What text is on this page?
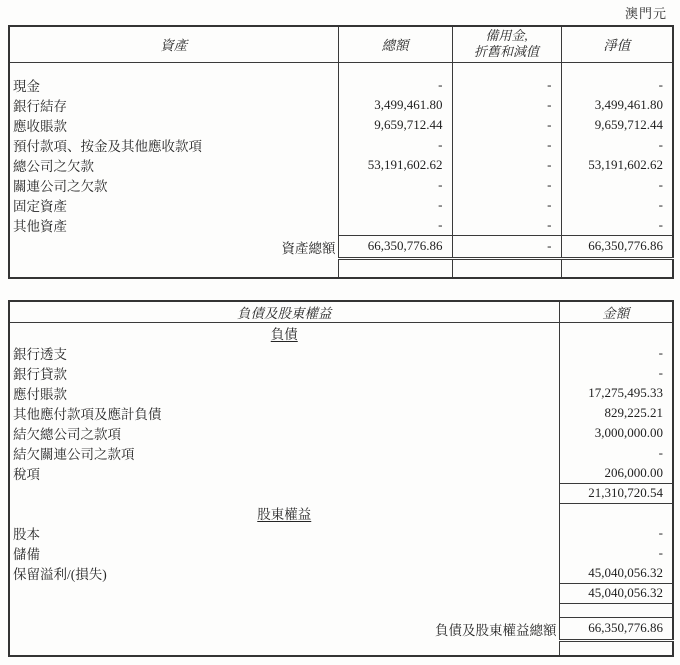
澳門元
資產	總額	備用金,
折舊和減值	淨值

現金	-	-	-
銀行結存	3,499,461.80	-	3,499,461.80
應收賬款	9,659,712.44	-	9,659,712.44
預付款項、按金及其他應收款項	-	-	-
總公司之欠款	53,191,602.62	-	53,191,602.62
關連公司之欠款	-	-	-
固定資產	-	-	-
其他資產	-	-	-
資產總額	66,350,776.86	-	66,350,776.86

負債及股東權益	金額
負債	
銀行透支	-
銀行貸款	-
應付賬款	17,275,495.33
其他應付款項及應計負債	829,225.21
結欠總公司之款項	3,000,000.00
結欠關連公司之款項	-
稅項	206,000.00
	21,310,720.54
股東權益	
股本	-
儲備	-
保留溢利/(損失)	45,040,056.32
	45,040,056.32

負債及股東權益總額	66,350,776.86
